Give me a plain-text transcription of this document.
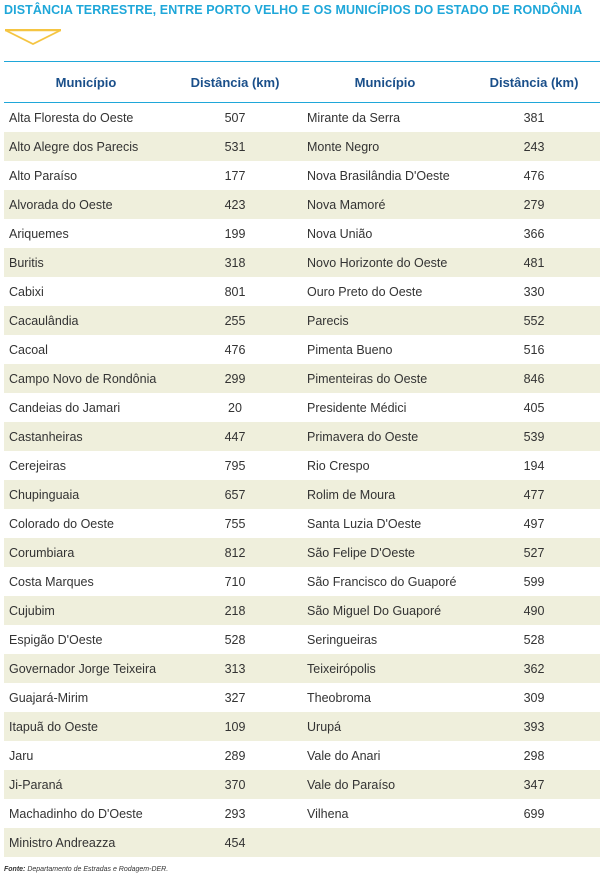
DISTÂNCIA TERRESTRE, ENTRE PORTO VELHO E OS MUNICÍPIOS DO ESTADO DE RONDÔNIA
Município	Distância (km)	Município	Distância (km)
Alta Floresta do Oeste	507	Mirante da Serra	381
Alto Alegre dos Parecis	531	Monte Negro	243
Alto Paraíso	177	Nova Brasilândia D'Oeste	476
Alvorada do Oeste	423	Nova Mamoré	279
Ariquemes	199	Nova União	366
Buritis	318	Novo Horizonte do Oeste	481
Cabixi	801	Ouro Preto do Oeste	330
Cacaulândia	255	Parecis	552
Cacoal	476	Pimenta Bueno	516
Campo Novo de Rondônia	299	Pimenteiras do Oeste	846
Candeias do Jamari	20	Presidente Médici	405
Castanheiras	447	Primavera do Oeste	539
Cerejeiras	795	Rio Crespo	194
Chupinguaia	657	Rolim de Moura	477
Colorado do Oeste	755	Santa Luzia D'Oeste	497
Corumbiara	812	São Felipe D'Oeste	527
Costa Marques	710	São Francisco do Guaporé	599
Cujubim	218	São Miguel Do Guaporé	490
Espigão D'Oeste	528	Seringueiras	528
Governador Jorge Teixeira	313	Teixeirópolis	362
Guajará-Mirim	327	Theobroma	309
Itapuã do Oeste	109	Urupá	393
Jaru	289	Vale do Anari	298
Ji-Paraná	370	Vale do Paraíso	347
Machadinho do D'Oeste	293	Vilhena	699
Ministro Andreazza	454		
Fonte: Departamento de Estradas e Rodagem-DER.
